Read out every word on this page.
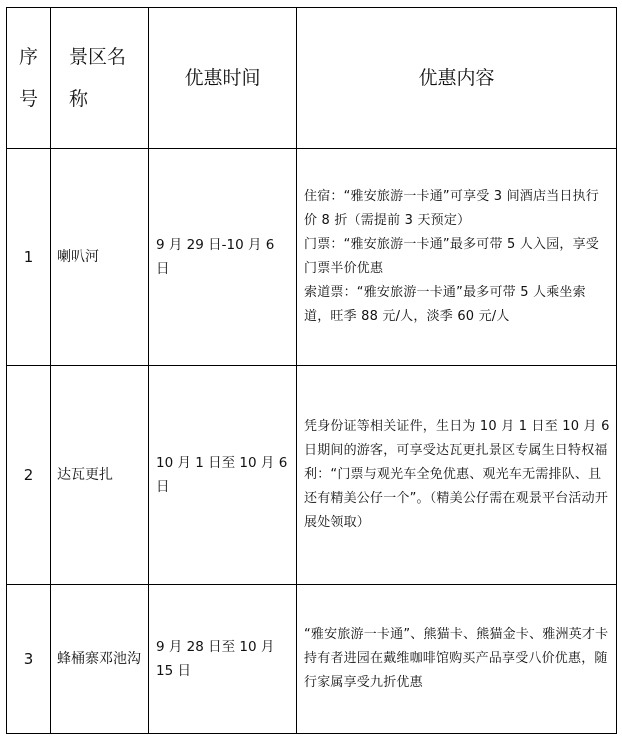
序号	景区名称	优惠时间	优惠内容
1	喇叭河	9 月 29 日-10 月 6 日	住宿：“雅安旅游一卡通”可享受 3 间酒店当日执行价 8 折（需提前 3 天预定）
门票：“雅安旅游一卡通”最多可带 5 人入园，享受门票半价优惠
索道票：“雅安旅游一卡通”最多可带 5 人乘坐索道，旺季 88 元/人，淡季 60 元/人

2	达瓦更扎	10 月 1 日至 10 月 6 日	凭身份证等相关证件，生日为 10 月 1 日至 10 月 6 日期间的游客，可享受达瓦更扎景区专属生日特权福利：“门票与观光车全免优惠、观光车无需排队、且还有精美公仔一个”。（精美公仔需在观景平台活动开展处领取）

3	蜂桶寨邓池沟	9 月 28 日至 10 月 15 日	“雅安旅游一卡通”、熊猫卡、熊猫金卡、雅洲英才卡持有者进园在戴维咖啡馆购买产品享受八价优惠，随行家属享受九折优惠
